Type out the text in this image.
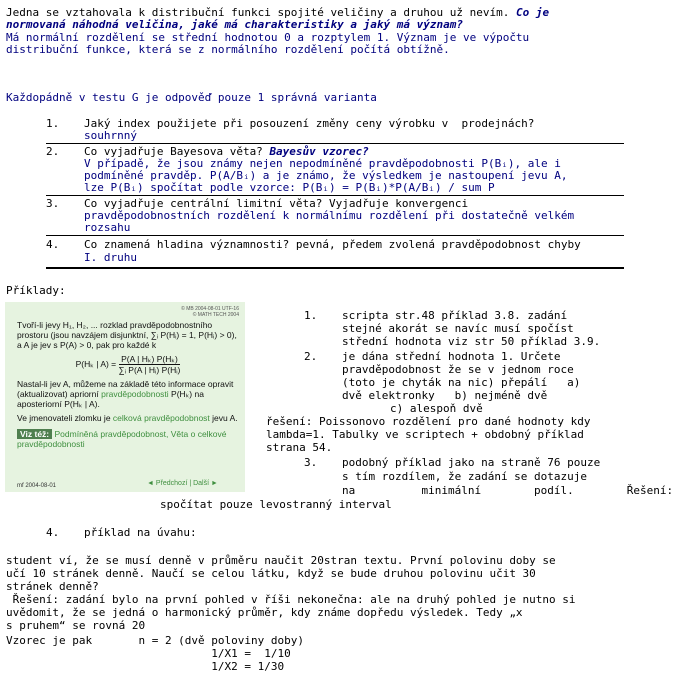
Jedna se vztahovala k distribuční funkci spojité veličiny a druhou už nevím. Co je
normovaná náhodná veličina, jaké má charakteristiky a jaký má význam?
Má normální rozdělení se střední hodnotou 0 a rozptylem 1. Význam je ve výpočtu
distribuční funkce, která se z normálního rozdělení počítá obtížně.
Každopádně v testu G je odpověď pouze 1 správná varianta
1. Jaký index použijete při posouzení změny ceny výrobku v  prodejnách?
souhrnný
2. Co vyjadřuje Bayesova věta? Bayesův vzorec?
V případě, že jsou známy nejen nepodmíněné pravděpodobnosti P(Bᵢ), ale i
podmíněné pravděp. P(A/Bᵢ) a je známo, že výsledkem je nastoupení jevu A,
lze P(Bᵢ) spočítat podle vzorce: P(Bᵢ) = P(Bᵢ)*P(A/Bᵢ) / sum P
3. Co vyjadřuje centrální limitní věta? Vyjadřuje konvergenci
pravděpodobnostních rozdělení k normálnímu rozdělení při dostatečně velkém
rozsahu
4. Co znamená hladina významnosti? pevná, předem zvolená pravděpodobnost chyby
I. druhu
Příklady:
© MB 2004-08-01 UTF-16
© MATH TECH 2004
Tvoří-li jevy H₁, H₂, ... rozklad pravděpodobnostního prostoru (jsou navzájem disjunktní, ∑ᵢ P(Hᵢ) = 1, P(Hᵢ) > 0), a A je jev s P(A) > 0, pak pro každé k
P(Hₖ | $A) = \frac{\text{P(A | Hₖ) P(Hₖ)}}{\text{∑ᵢ P(A | Hᵢ) P(Hᵢ)}}$
Nastal-li jev A, můžeme na základě této informace opravit (aktualizovat) apriorní pravděpodobnosti P(Hₖ) na aposteriorní P(Hₖ | A).
Ve jmenovateli zlomku je celková pravděpodobnost jevu A.
Viz též: Podmíněná pravděpodobnost, Věta o celkové pravděpodobnosti
mf 2004-08-01	◄ Předchozí | Další ►
1. scripta str.48 příklad 3.8. zadání
stejné akorát se navíc musí spočíst
střední hodnota viz str 50 příklad 3.9.
2. je dána střední hodnota 1. Určete
pravděpodobnost že se v jednom roce
(toto je chyták na nic) přepálí   a)
dvě elektronky   b) nejméně dvě
c) alespoň dvě
řešení: Poissonovo rozdělení pro dané hodnoty kdy
lambda=1. Tabulky ve scriptech + obdobný příklad
strana 54.
3. podobný příklad jako na straně 76 pouze
s tím rozdílem, že zadání se dotazuje
na          minimální        podíl.        Řešení:
spočítat pouze levostranný interval
4. příklad na úvahu:
student ví, že se musí denně v průměru naučit 20stran textu. První polovinu doby se
učí 10 stránek denně. Naučí se celou látku, když se bude druhou polovinu učit 30
stránek denně?
Řešení: zadání bylo na první pohled v říši nekonečna: ale na druhý pohled je nutno si
uvědomit, že se jedná o harmonický průměr, kdy známe dopředu výsledek. Tedy „x
s pruhem“ se rovná 20
Vzorec je pak       n = 2 (dvě poloviny doby)
1/X1 =  1/10
1/X2 = 1/30
